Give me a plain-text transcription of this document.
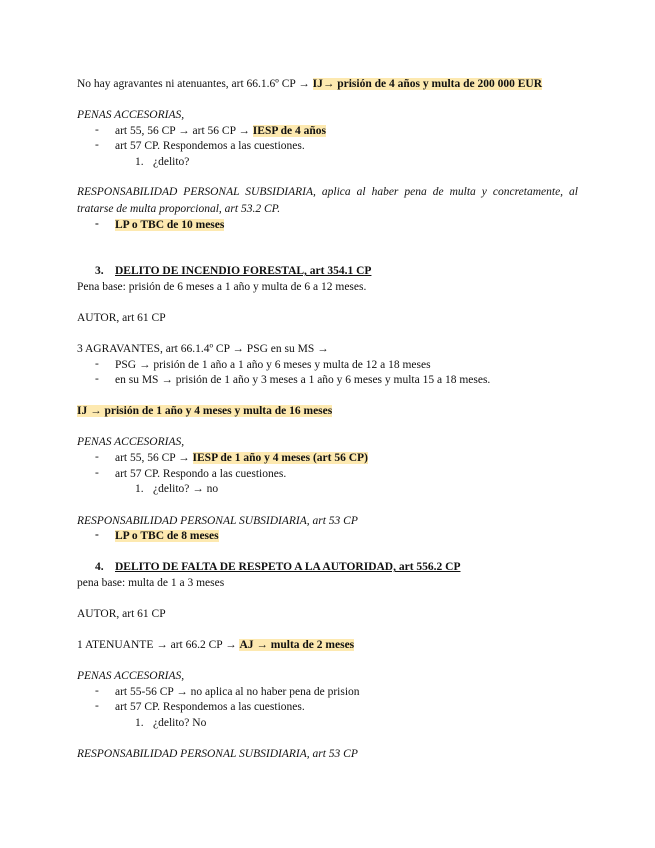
No hay agravantes ni atenuantes, art 66.1.6º CP → IJ→ prisión de 4 años y multa de 200 000 EUR
PENAS ACCESORIAS,
- art 55, 56 CP → art 56 CP → IESP de 4 años
- art 57 CP. Respondemos a las cuestiones.
1. ¿delito?
RESPONSABILIDAD PERSONAL SUBSIDIARIA, aplica al haber pena de multa y concretamente, al tratarse de multa proporcional, art 53.2 CP.
- LP o TBC de 10 meses
3. DELITO DE INCENDIO FORESTAL, art 354.1 CP
Pena base: prisión de 6 meses a 1 año y multa de 6 a 12 meses.
AUTOR, art 61 CP
3 AGRAVANTES, art 66.1.4º CP → PSG en su MS →
- PSG → prisión de 1 año a 1 año y 6 meses y multa de 12 a 18 meses
- en su MS → prisión de 1 año y 3 meses a 1 año y 6 meses y multa 15 a 18 meses.
IJ → prisión de 1 año y 4 meses y multa de 16 meses
PENAS ACCESORIAS,
- art 55, 56 CP → IESP de 1 año y 4 meses (art 56 CP)
- art 57 CP. Respondo a las cuestiones.
1. ¿delito? → no
RESPONSABILIDAD PERSONAL SUBSIDIARIA, art 53 CP
- LP o TBC de 8 meses
4. DELITO DE FALTA DE RESPETO A LA AUTORIDAD, art 556.2 CP
pena base: multa de 1 a 3 meses
AUTOR, art 61 CP
1 ATENUANTE → art 66.2 CP → AJ → multa de 2 meses
PENAS ACCESORIAS,
- art 55-56 CP → no aplica al no haber pena de prision
- art 57 CP. Respondemos a las cuestiones.
1. ¿delito? No
RESPONSABILIDAD PERSONAL SUBSIDIARIA, art 53 CP
